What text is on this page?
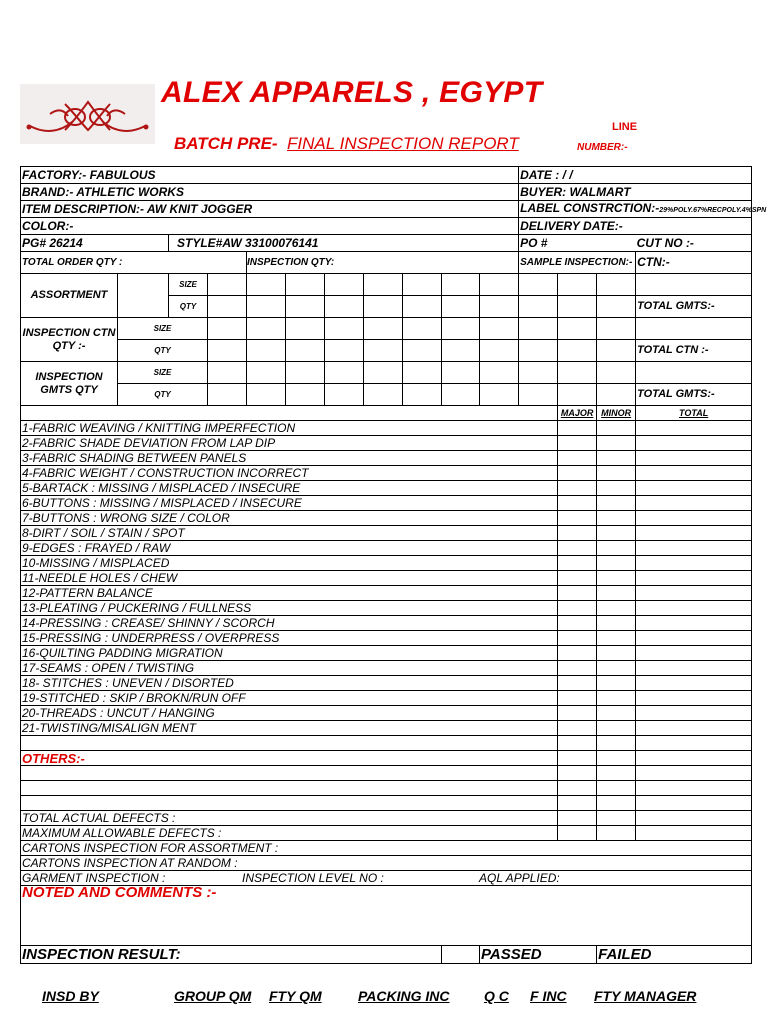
ALEX APPARELS , EGYPT
BATCH PRE- FINAL INSPECTION REPORT
LINE
NUMBER:-
FACTORY:- FABULOUS											DATE : / /			
BRAND:- ATHLETIC WORKS											BUYER: WALMART			
ITEM DESCRIPTION:- AW KNIT JOGGER											LABEL CONSTRCTION:-29%POLY.67%RECPOLY.4%SPN			
COLOR:-											DELIVERY DATE:-			
PG# 26214		STYLE#AW 33100076141									PO #			CUT NO :-
TOTAL ORDER QTY :				INSPECTION QTY:							SAMPLE INSPECTION:-			CTN:-
ASSORTMENT		SIZE												
		QTY												TOTAL GMTS:-
INSPECTION CTN QTY :-	SIZE													
	QTY													TOTAL CTN :-
INSPECTION GMTS QTY	SIZE													
	QTY													TOTAL GMTS:-
												MAJOR	MINOR	TOTAL
1-FABRIC WEAVING / KNITTING IMPERFECTION														
2-FABRIC SHADE DEVIATION FROM LAP DIP														
3-FABRIC SHADING BETWEEN PANELS														
4-FABRIC WEIGHT / CONSTRUCTION INCORRECT														
5-BARTACK : MISSING / MISPLACED / INSECURE														
6-BUTTONS : MISSING / MISPLACED / INSECURE														
7-BUTTONS : WRONG SIZE / COLOR														
8-DIRT / SOIL / STAIN / SPOT														
9-EDGES : FRAYED / RAW														
10-MISSING / MISPLACED														
11-NEEDLE HOLES / CHEW														
12-PATTERN BALANCE														
13-PLEATING / PUCKERING / FULLNESS														
14-PRESSING : CREASE/ SHINNY / SCORCH														
15-PRESSING : UNDERPRESS / OVERPRESS														
16-QUILTING PADDING MIGRATION														
17-SEAMS : OPEN / TWISTING														
18- STITCHES : UNEVEN / DISORTED														
19-STITCHED : SKIP / BROKN/RUN OFF														
20-THREADS : UNCUT / HANGING														
21-TWISTING/MISALIGN MENT														

OTHERS:-														

TOTAL ACTUAL DEFECTS :														
MAXIMUM ALLOWABLE DEFECTS :														
CARTONS INSPECTION FOR ASSORTMENT :														
CARTONS INSPECTION AT RANDOM :														
GARMENT INSPECTION : INSPECTION LEVEL NO : AQL APPLIED:														
NOTED AND COMMENTS :-														
INSPECTION RESULT:										PASSED			FAILED	
INSD BY	GROUP QM FTY QM	PACKING INC Q C F INC FTY MANAGER
